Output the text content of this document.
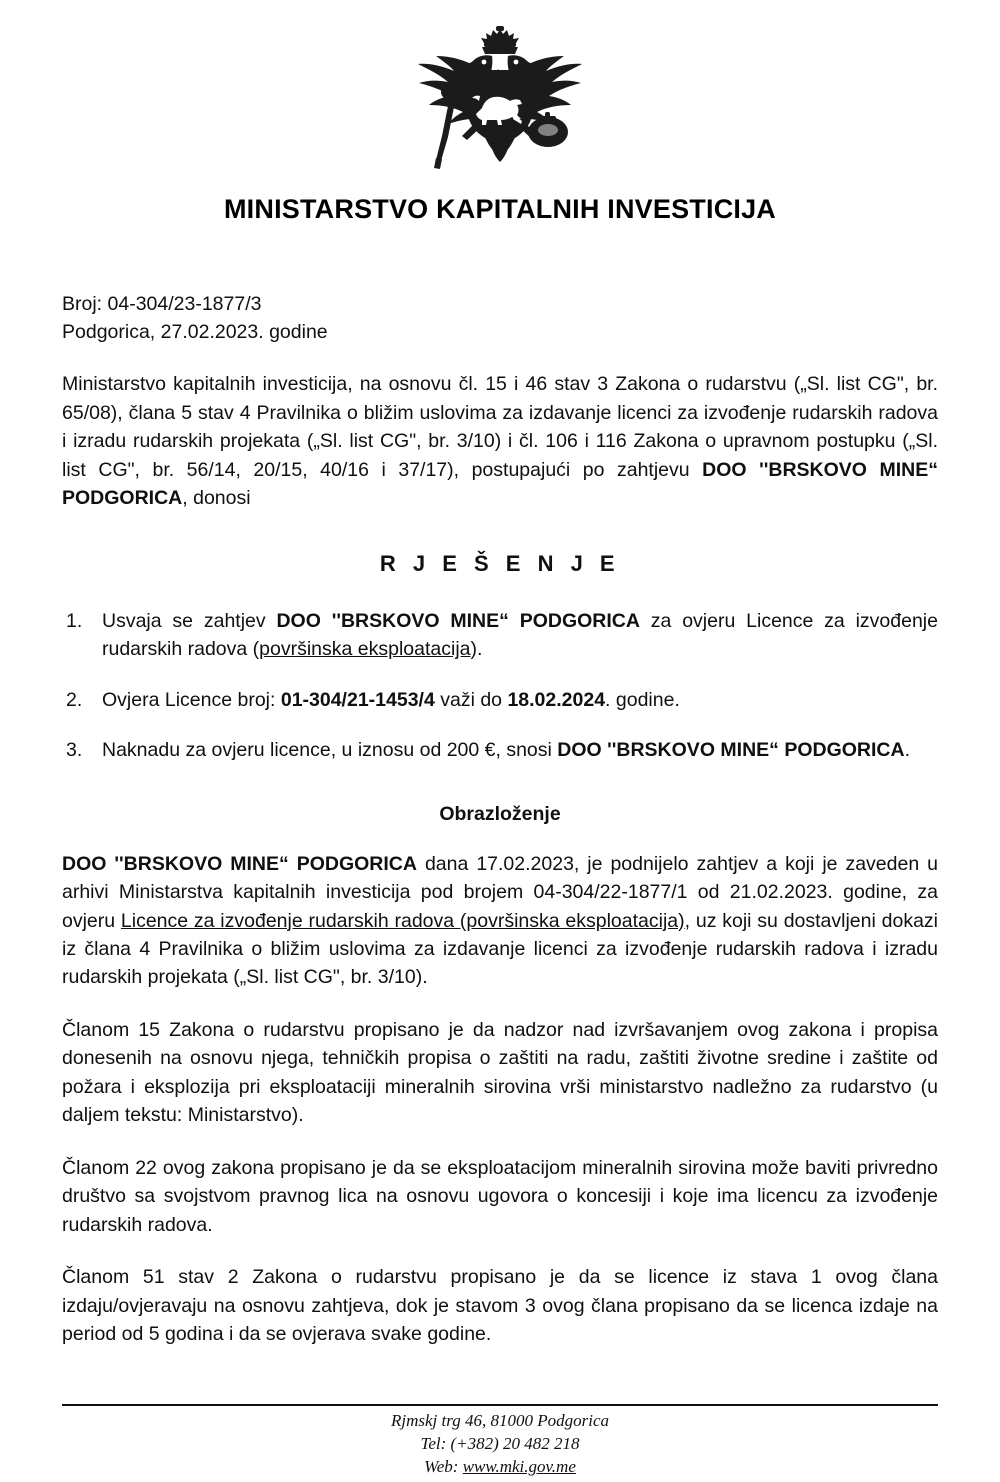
MINISTARSTVO KAPITALNIH INVESTICIJA
Broj: 04-304/23-1877/3
Podgorica, 27.02.2023. godine

Ministarstvo kapitalnih investicija, na osnovu čl. 15 i 46 stav 3 Zakona o rudarstvu („Sl. list CG", br. 65/08), člana 5 stav 4 Pravilnika o bližim uslovima za izdavanje licenci za izvođenje rudarskih radova i izradu rudarskih projekata („Sl. list CG", br. 3/10) i čl. 106 i 116 Zakona o upravnom postupku („Sl. list CG", br. 56/14, 20/15, 40/16 i 37/17), postupajući po zahtjevu DOO ''BRSKOVO MINE“ PODGORICA, donosi

R J E Š E N J E
1.	Usvaja se zahtjev DOO ''BRSKOVO MINE“ PODGORICA za ovjeru Licence za izvođenje rudarskih radova (površinska eksploatacija).
2.	Ovjera Licence broj: 01-304/21-1453/4 važi do 18.02.2024. godine.
3.	Naknadu za ovjeru licence, u iznosu od 200 €, snosi DOO ''BRSKOVO MINE“ PODGORICA.
Obrazloženje

DOO ''BRSKOVO MINE“ PODGORICA dana 17.02.2023, je podnijelo zahtjev a koji je zaveden u arhivi Ministarstva kapitalnih investicija pod brojem 04-304/22-1877/1 od 21.02.2023. godine, za ovjeru Licence za izvođenje rudarskih radova (površinska eksploatacija), uz koji su dostavljeni dokazi iz člana 4 Pravilnika o bližim uslovima za izdavanje licenci za izvođenje rudarskih radova i izradu rudarskih projekata („Sl. list CG", br. 3/10).

Članom 15 Zakona o rudarstvu propisano je da nadzor nad izvršavanjem ovog zakona i propisa donesenih na osnovu njega, tehničkih propisa o zaštiti na radu, zaštiti životne sredine i zaštite od požara i eksplozija pri eksploataciji mineralnih sirovina vrši ministarstvo nadležno za rudarstvo (u daljem tekstu: Ministarstvo).

Članom 22 ovog zakona propisano je da se eksploatacijom mineralnih sirovina može baviti privredno društvo sa svojstvom pravnog lica na osnovu ugovora o koncesiji i koje ima licencu za izvođenje rudarskih radova.

Članom 51 stav 2 Zakona o rudarstvu propisano je da se licence iz stava 1 ovog člana izdaju/ovjeravaju na osnovu zahtjeva, dok je stavom 3 ovog člana propisano da se licenca izdaje na period od 5 godina i da se ovjerava svake godine.

Rjmskj trg 46, 81000 Podgorica
Tel: (+382) 20 482 218
Web: www.mki.gov.me
